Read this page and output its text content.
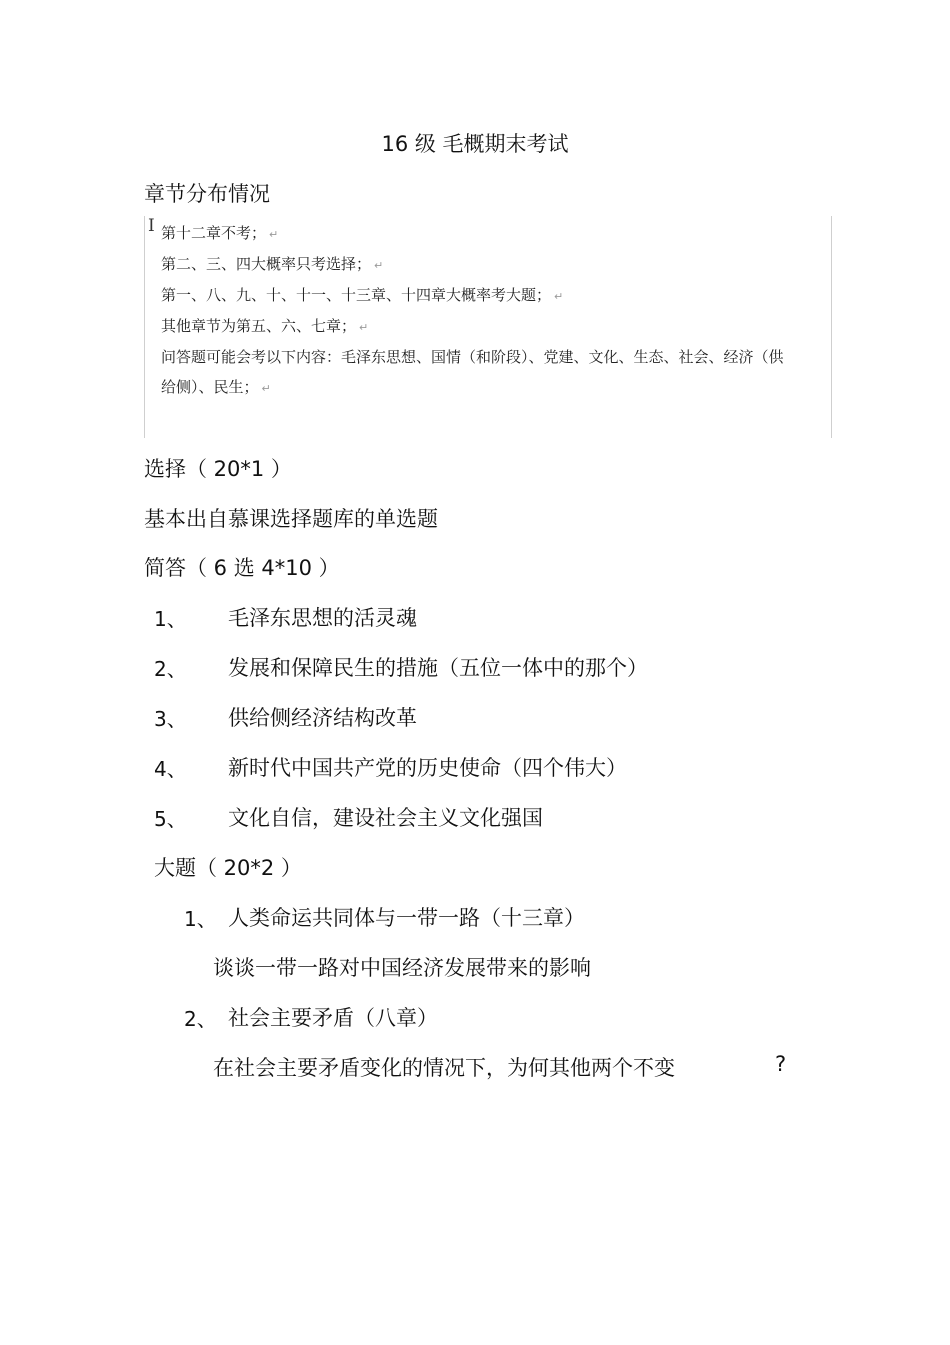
16 级 毛概期末考试
章节分布情况
I 第十二章不考； ↵
第二、三、四大概率只考选择； ↵
第一、八、九、十、十一、十三章、十四章大概率考大题； ↵
其他章节为第五、六、七章； ↵
问答题可能会考以下内容：毛泽东思想、国情（和阶段）、党建、文化、生态、社会、经济（供
给侧）、民生； ↵
选择（ 20*1 ）
基本出自慕课选择题库的单选题
简答（ 6 选 4*10 ）
1、 毛泽东思想的活灵魂
2、 发展和保障民生的措施（五位一体中的那个）
3、 供给侧经济结构改革
4、 新时代中国共产党的历史使命（四个伟大）
5、 文化自信，建设社会主义文化强国
大题（ 20*2 ）
1、 人类命运共同体与一带一路（十三章）
谈谈一带一路对中国经济发展带来的影响
2、 社会主要矛盾（八章）
在社会主要矛盾变化的情况下，为何其他两个不变	?
